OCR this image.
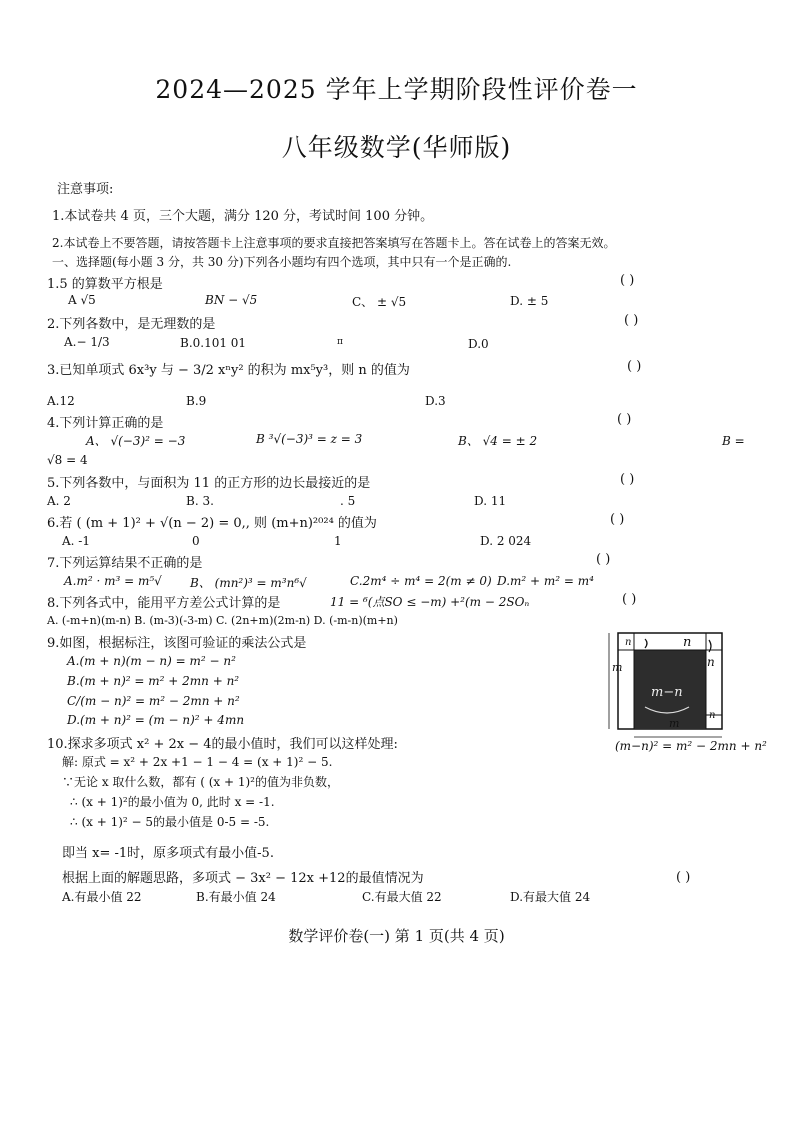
2024—2025 学年上学期阶段性评价卷一
八年级数学(华师版)
注意事项:
1.本试卷共 4 页，三个大题，满分 120 分，考试时间 100 分钟。
2.本试卷上不要答题，请按答题卡上注意事项的要求直接把答案填写在答题卡上。答在试卷上的答案无效。
一、选择题(每小题 3 分，共 30 分)下列各小题均有四个选项，其中只有一个是正确的.
1.5 的算数平方根是	( )
A √5	BN − √5	C、 ± √5	D. ± 5
2.下列各数中，是无理数的是	( )
A.− 1/3	B.0.101 01	π	D.0
3.已知单项式 6x³y 与 − 3/2 xⁿy² 的积为 mx⁵y³，则 n 的值为	( )
A.12	B.9	D.3
4.下列计算正确的是	( )
A、 √(−3)² = −3	B ³√(−3)³ = z = 3	B、 √4 = ± 2	B =
√8 = 4
5.下列各数中，与面积为 11 的正方形的边长最接近的是	( )
A. 2	B. 3.	. 5	D. 11
6.若 ( (m + 1)² + √(n − 2) = 0,, 则 (m+n)²⁰²⁴ 的值为	( )
A. -1	0	1	D. 2 024
7.下列运算结果不正确的是	( )
A.m² · m³ = m⁵√ B、 (mn²)³ = m³n⁶√	C.2m⁴ ÷ m⁴ = 2(m ≠ 0) D.m² + m² = m⁴
8.下列各式中，能用平方差公式计算的是	11 = ⁶(点SO ≤ −m) +²(m − 2SOₙ	( )
A. (-m+n)(m-n) B. (m-3)(-3-m) C. (2n+m)(2m-n) D. (-m-n)(m+n)
9.如图，根据标注，该图可验证的乘法公式是
A.(m + n)(m − n) = m² − n²
B.(m + n)² = m² + 2mn + n²
C/(m − n)² = m² − 2mn + n²
D.(m + n)² = (m − n)² + 4mn
n	n
n
m
m−n
n
m
(m−n)² = m² − 2mn + n²
10.探求多项式 x² + 2x − 4的最小值时，我们可以这样处理:
解: 原式 = x² + 2x +1 − 1 − 4 = (x + 1)² − 5.
∵无论 x 取什么数，都有 ( (x + 1)²的值为非负数，
∴ (x + 1)²的最小值为 0, 此时 x = -1.
∴ (x + 1)² − 5的最小值是 0-5 = -5.
即当 x= -1时，原多项式有最小值-5.
根据上面的解题思路，多项式 − 3x² − 12x +12的最值情况为	( )
A.有最小值 22	B.有最小值 24	C.有最大值 22	D.有最大值 24
数学评价卷(一) 第 1 页(共 4 页)
